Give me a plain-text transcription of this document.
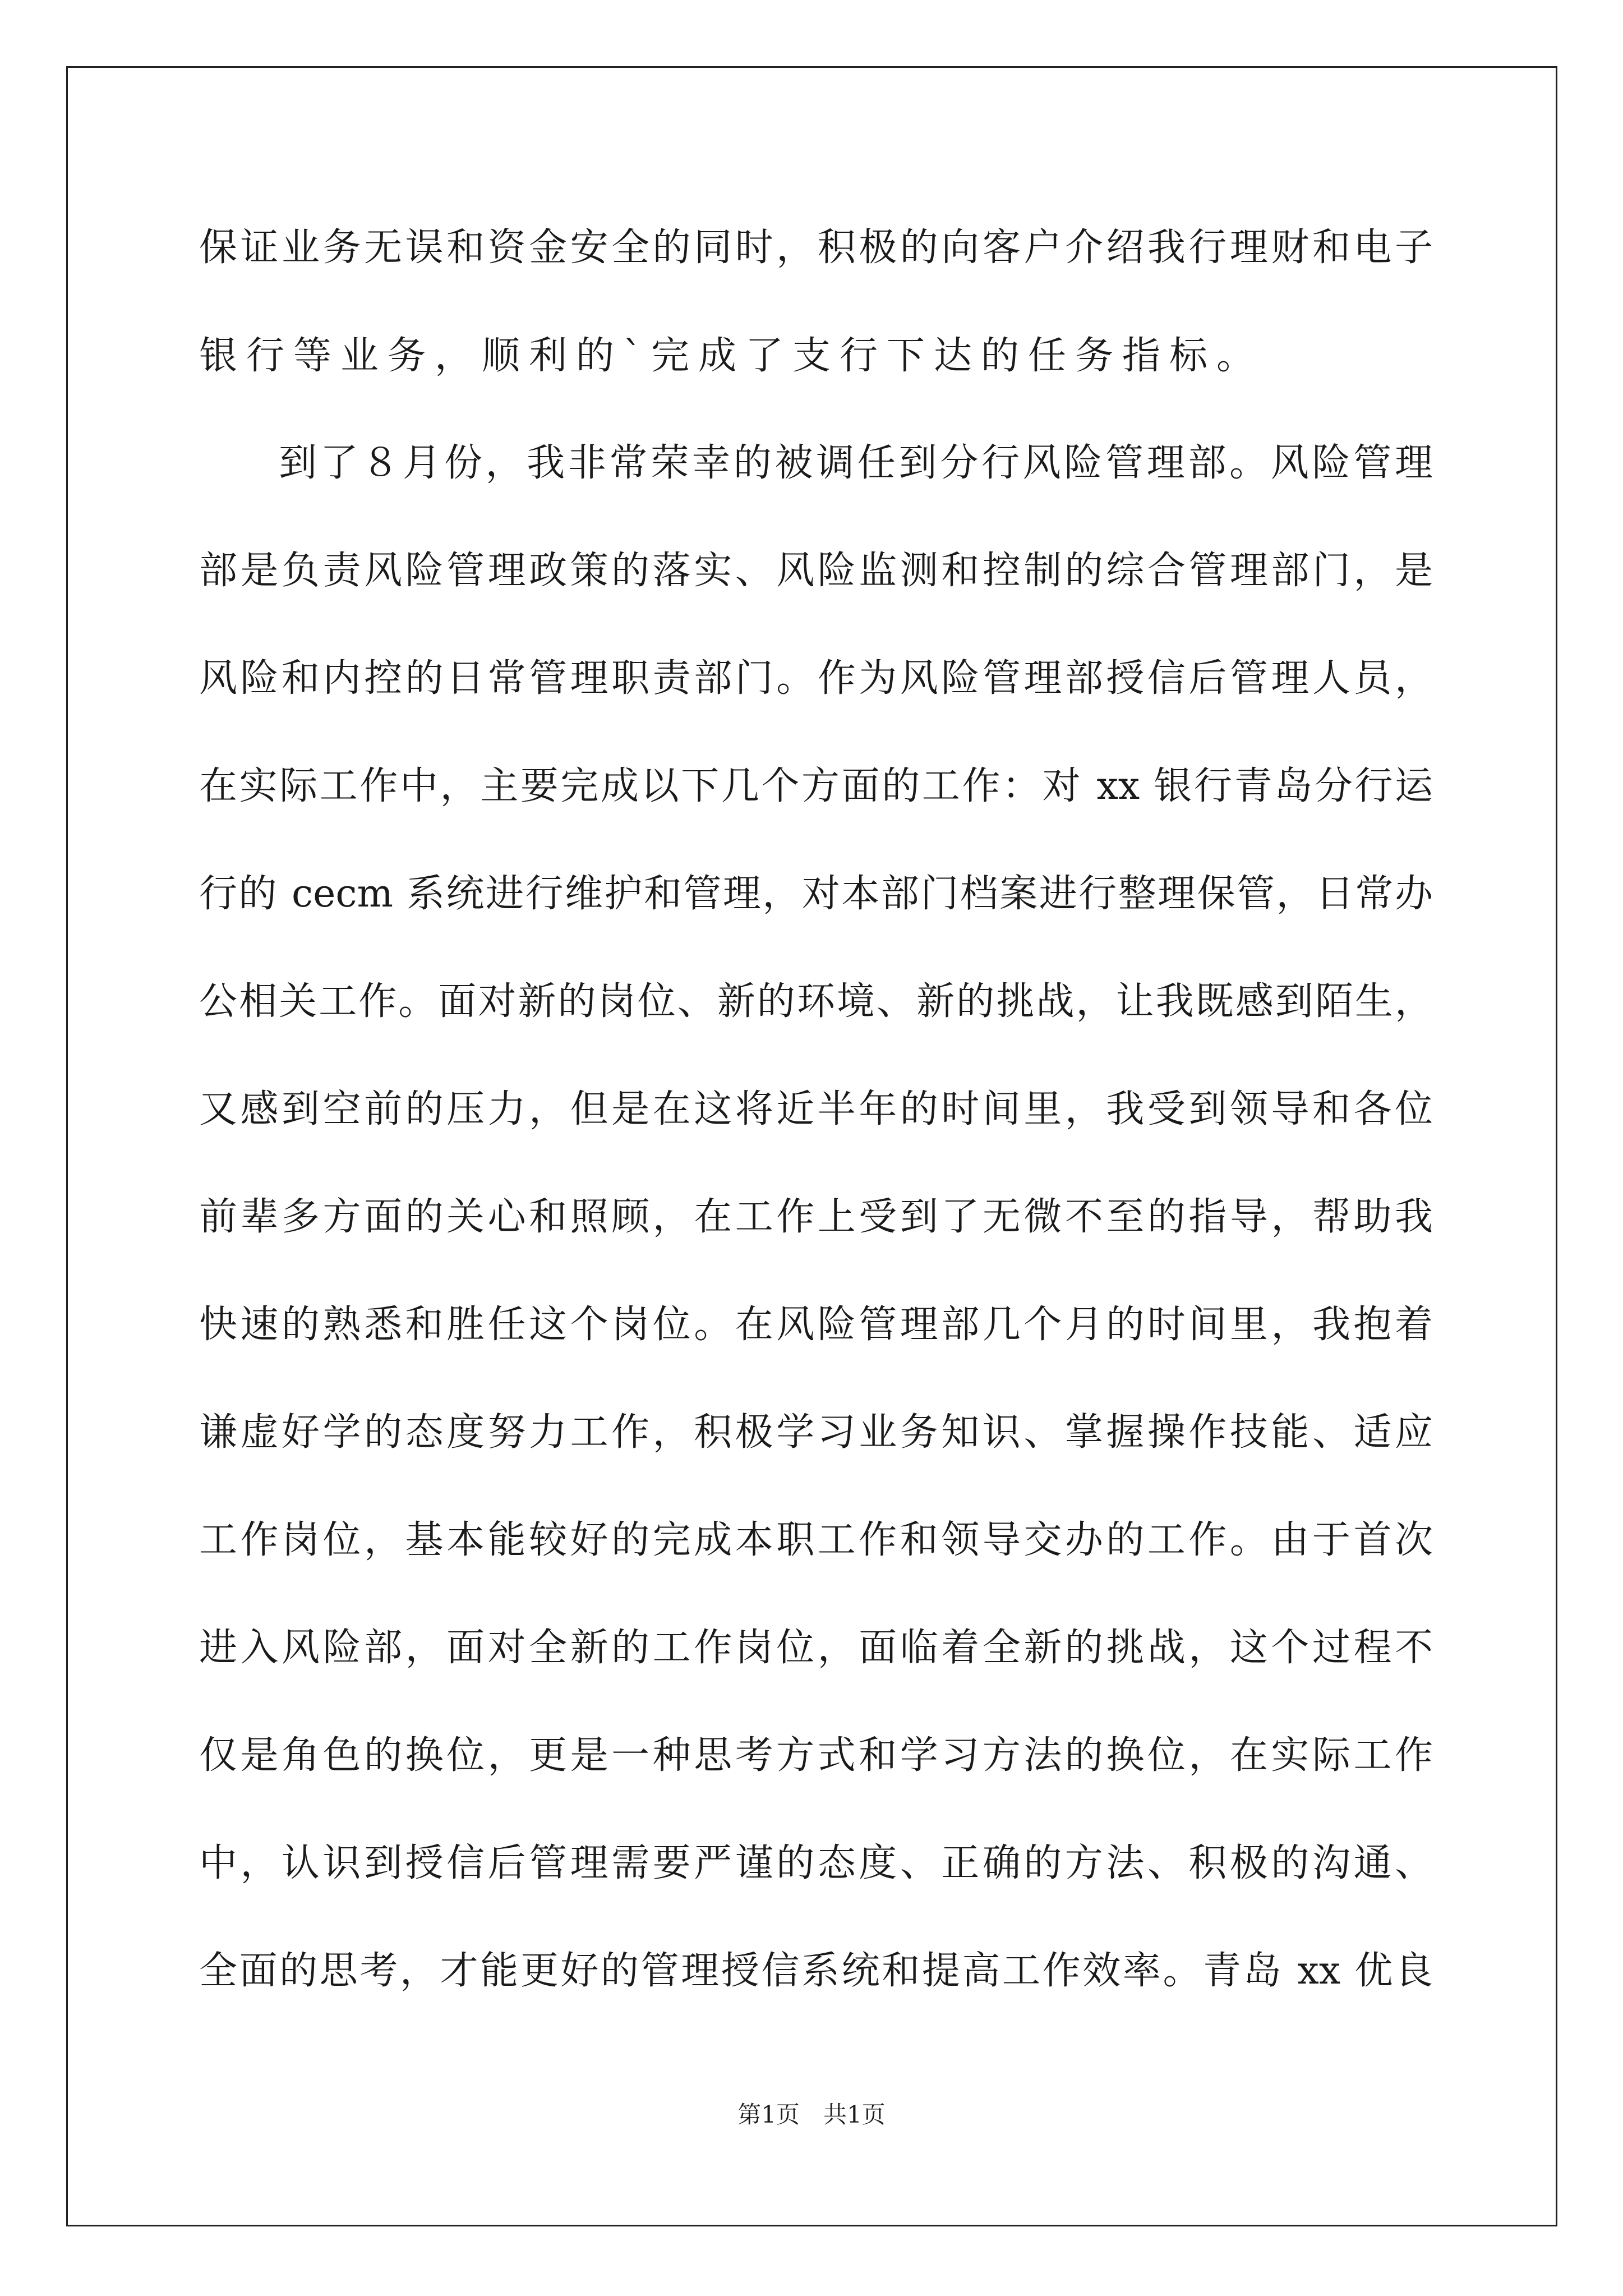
保证业务无误和资金安全的同时，积极的向客户介绍我行理财和电子
银行等业务，顺利的`完成了支行下达的任务指标。
到了８月份，我非常荣幸的被调任到分行风险管理部。风险管理
部是负责风险管理政策的落实、风险监测和控制的综合管理部门，是
风险和内控的日常管理职责部门。作为风险管理部授信后管理人员，
在实际工作中，主要完成以下几个方面的工作：对 xx 银行青岛分行运
行的 cecm 系统进行维护和管理，对本部门档案进行整理保管，日常办
公相关工作。面对新的岗位、新的环境、新的挑战，让我既感到陌生，
又感到空前的压力，但是在这将近半年的时间里，我受到领导和各位
前辈多方面的关心和照顾，在工作上受到了无微不至的指导，帮助我
快速的熟悉和胜任这个岗位。在风险管理部几个月的时间里，我抱着
谦虚好学的态度努力工作，积极学习业务知识、掌握操作技能、适应
工作岗位，基本能较好的完成本职工作和领导交办的工作。由于首次
进入风险部，面对全新的工作岗位，面临着全新的挑战，这个过程不
仅是角色的换位，更是一种思考方式和学习方法的换位，在实际工作
中，认识到授信后管理需要严谨的态度、正确的方法、积极的沟通、
全面的思考，才能更好的管理授信系统和提高工作效率。青岛 xx 优良
第1页　共1页
